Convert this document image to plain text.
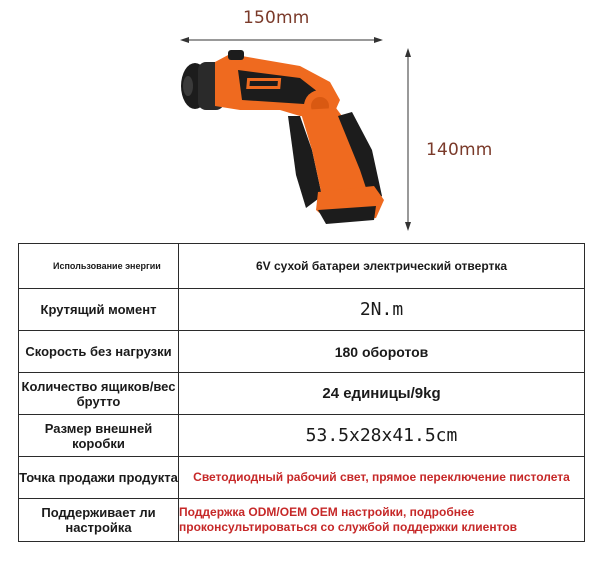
150mm
140mm
Использование энергии	6V сухой батареи электрический отвертка
Крутящий момент	2N.m
Скорость без нагрузки	180 оборотов
Количество ящиков/вес брутто	24 единицы/9kg
Размер внешней коробки	53.5x28x41.5cm
Точка продажи продукта	Светодиодный рабочий свет, прямое переключение пистолета
Поддерживает ли настройка	Поддержка ODM/OEM OEM настройки, подробнее проконсультироваться со службой поддержки клиентов
